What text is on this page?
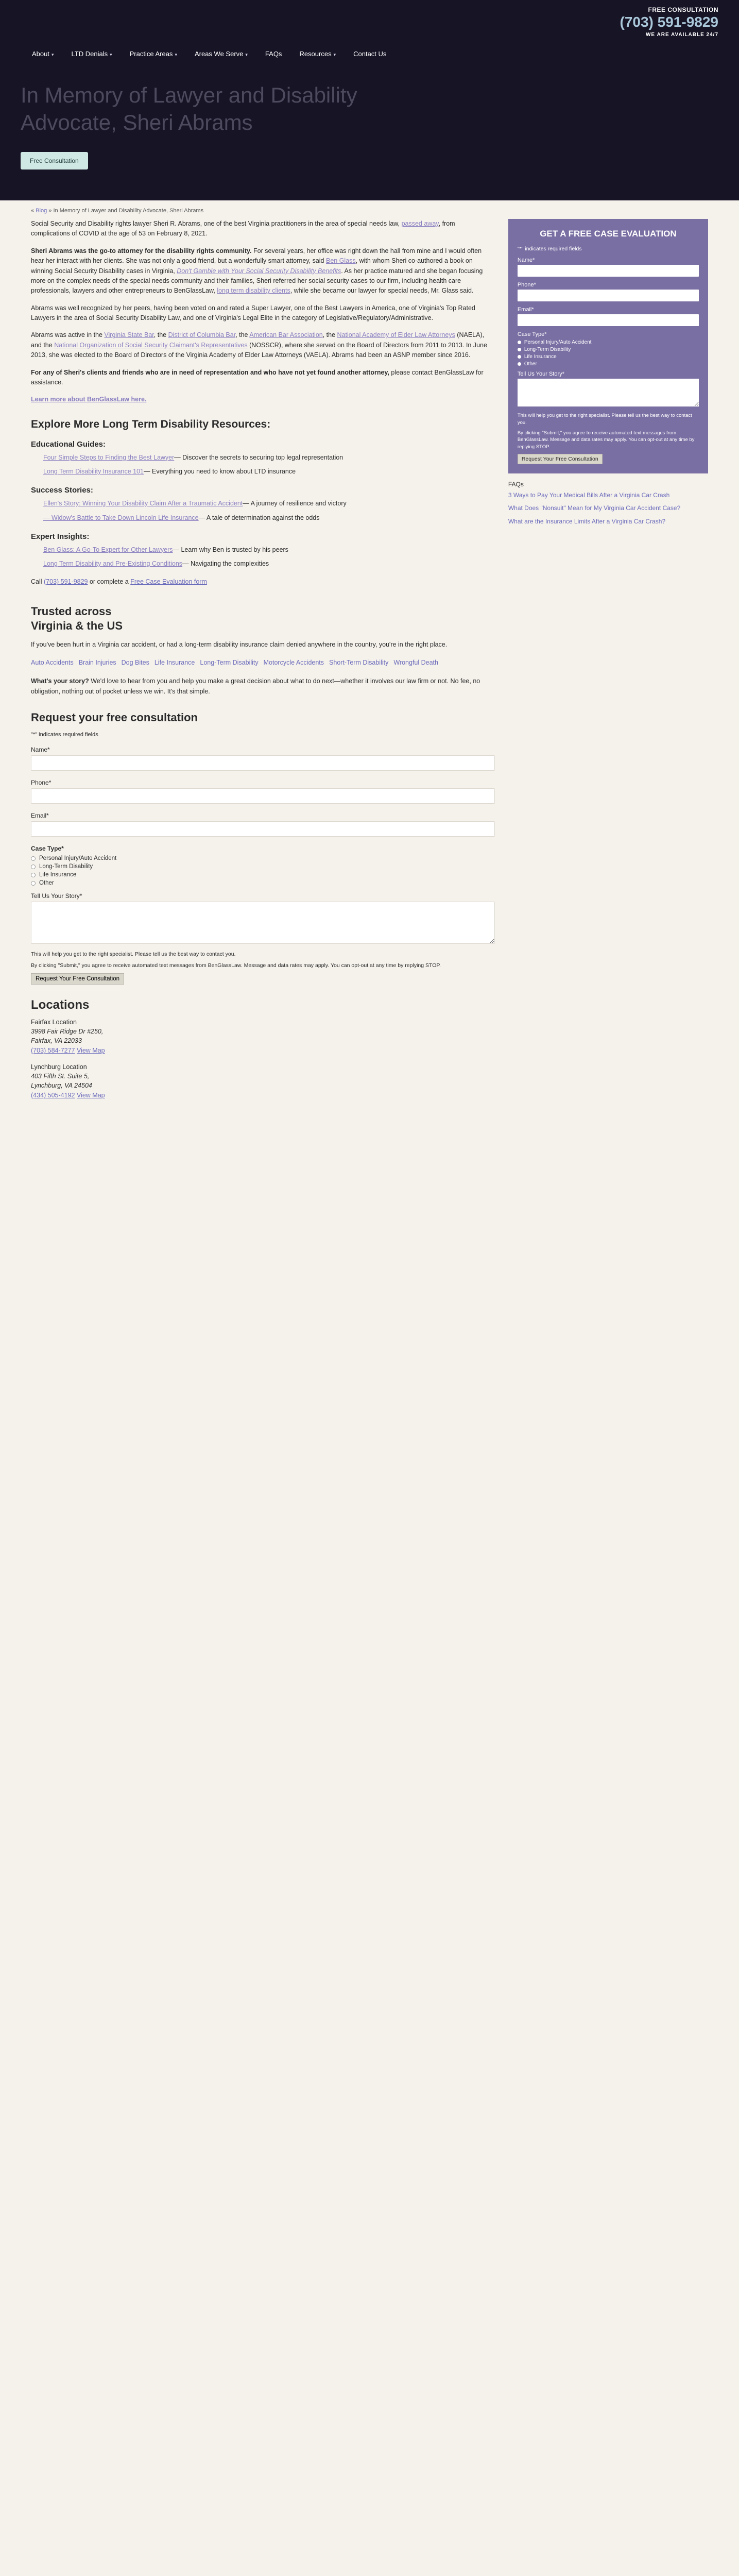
FREE CONSULTATION
(703) 591-9829
WE ARE AVAILABLE 24/7
About ▾	LTD Denials ▾	Practice Areas ▾	Areas We Serve ▾	FAQs	Resources ▾	Contact Us
In Memory of Lawyer and Disability Advocate, Sheri Abrams
Free Consultation
« Blog » In Memory of Lawyer and Disability Advocate, Sheri Abrams

Social Security and Disability rights lawyer Sheri R. Abrams, one of the best Virginia practitioners in the area of special needs law, passed away, from complications of COVID at the age of 53 on February 8, 2021.

Sheri Abrams was the go-to attorney for the disability rights community. For several years, her office was right down the hall from mine and I would often hear her interact with her clients. She was not only a good friend, but a wonderfully smart attorney, said Ben Glass, with whom Sheri co-authored a book on winning Social Security Disability cases in Virginia, Don't Gamble with Your Social Security Disability Benefits. As her practice matured and she began focusing more on the complex needs of the special needs community and their families, Sheri referred her social security cases to our firm, including health care professionals, lawyers and other entrepreneurs to BenGlassLaw, long term disability clients, while she became our lawyer for special needs, Mr. Glass said.

Abrams was well recognized by her peers, having been voted on and rated a Super Lawyer, one of the Best Lawyers in America, one of Virginia's Top Rated Lawyers in the area of Social Security Disability Law, and one of Virginia's Legal Elite in the category of Legislative/Regulatory/Administrative.

Abrams was active in the Virginia State Bar, the District of Columbia Bar, the American Bar Association, the National Academy of Elder Law Attorneys (NAELA), and the National Organization of Social Security Claimant's Representatives (NOSSCR), where she served on the Board of Directors from 2011 to 2013. In June 2013, she was elected to the Board of Directors of the Virginia Academy of Elder Law Attorneys (VAELA). Abrams had been an ASNP member since 2016.

For any of Sheri's clients and friends who are in need of representation and who have not yet found another attorney, please contact BenGlassLaw for assistance.

Learn more about BenGlassLaw here.

Explore More Long Term Disability Resources:
Educational Guides:
Four Simple Steps to Finding the Best Lawyer— Discover the secrets to securing top legal representation
Long Term Disability Insurance 101— Everything you need to know about LTD insurance
Success Stories:
Ellen's Story: Winning Your Disability Claim After a Traumatic Accident— A journey of resilience and victory
— Widow's Battle to Take Down Lincoln Life Insurance— A tale of determination against the odds
Expert Insights:
Ben Glass: A Go-To Expert for Other Lawyers— Learn why Ben is trusted by his peers
Long Term Disability and Pre-Existing Conditions— Navigating the complexities

Call (703) 591-9829 or complete a Free Case Evaluation form

Trusted across
Virginia & the US

If you've been hurt in a Virginia car accident, or had a long-term disability insurance claim denied anywhere in the country, you're in the right place.

Auto Accidents Brain Injuries Dog Bites Life Insurance Long-Term Disability Motorcycle Accidents Short-Term Disability Wrongful Death

What's your story? We'd love to hear from you and help you make a great decision about what to do next—whether it involves our law firm or not. No fee, no obligation, nothing out of pocket unless we win. It's that simple.

Request your free consultation
"*" indicates required fields
Name*
Phone*
Email*
Case Type*
Personal Injury/Auto Accident
Long-Term Disability
Life Insurance
Other
Tell Us Your Story*
This will help you get to the right specialist. Please tell us the best way to contact you.
By clicking "Submit," you agree to receive automated text messages from BenGlassLaw. Message and data rates may apply. You can opt-out at any time by replying STOP.
Request Your Free Consultation
Locations
Fairfax Location

3998 Fair Ridge Dr #250,

Fairfax, VA 22033

(703) 584-7277 View Map

Lynchburg Location

403 Fifth St. Suite 5,

Lynchburg, VA 24504

(434) 505-4192 View Map

GET A FREE CASE EVALUATION
"*" indicates required fields
Name*
Phone*
Email*
Case Type*
Personal Injury/Auto Accident
Long-Term Disability
Life Insurance
Other
Tell Us Your Story*
This will help you get to the right specialist. Please tell us the best way to contact you.
By clicking "Submit," you agree to receive automated text messages from BenGlassLaw. Message and data rates may apply. You can opt-out at any time by replying STOP.
Request Your Free Consultation
FAQs
3 Ways to Pay Your Medical Bills After a Virginia Car Crash
What Does "Nonsuit" Mean for My Virginia Car Accident Case?
What are the Insurance Limits After a Virginia Car Crash?
